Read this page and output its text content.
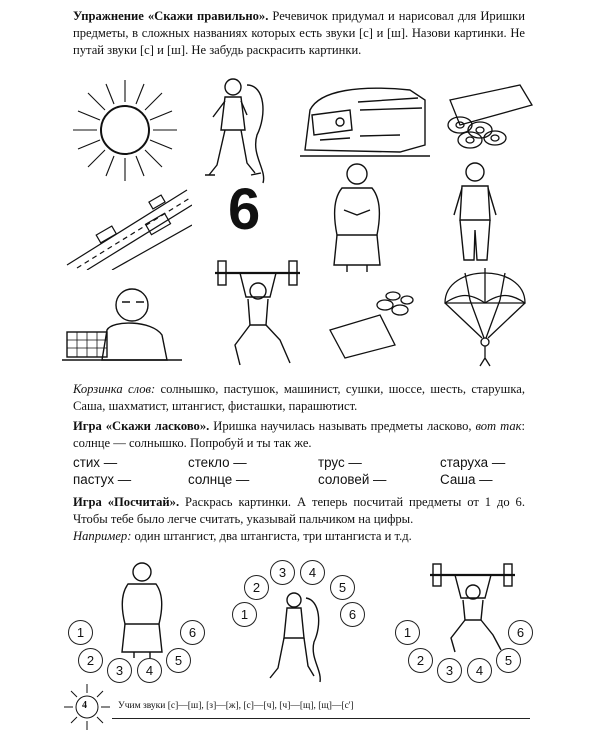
Упражнение «Скажи правильно». Речевичок придумал и нарисовал для Иришки предметы, в сложных названиях которых есть звуки [с] и [ш]. Назови картинки. Не путай звуки [с] и [ш]. Не забудь раскрасить картинки.
6
Корзинка слов: солнышко, пастушок, машинист, сушки, шоссе, шесть, старушка, Саша, шахматист, штангист, фисташки, парашютист.
Игра «Скажи ласково». Иришка научилась называть предметы ласково, вот так: солнце — солнышко. Попробуй и ты так же.
стих —	стекло —	трус —	старуха —
пастух —	солнце —	соловей —	Саша —
Игра «Посчитай». Раскрась картинки. А теперь посчитай предметы от 1 до 6. Чтобы тебе было легче считать, указывай пальчиком на цифры.
Например: один штангист, два штангиста, три штангиста и т.д.
1
2
3	4
5
6
2
3	4
5
1	6
1
2
3	4
5
6
4	Учим звуки [с]—[ш], [з]—[ж], [с]—[ч], [ч]—[щ], [щ]—[с']
